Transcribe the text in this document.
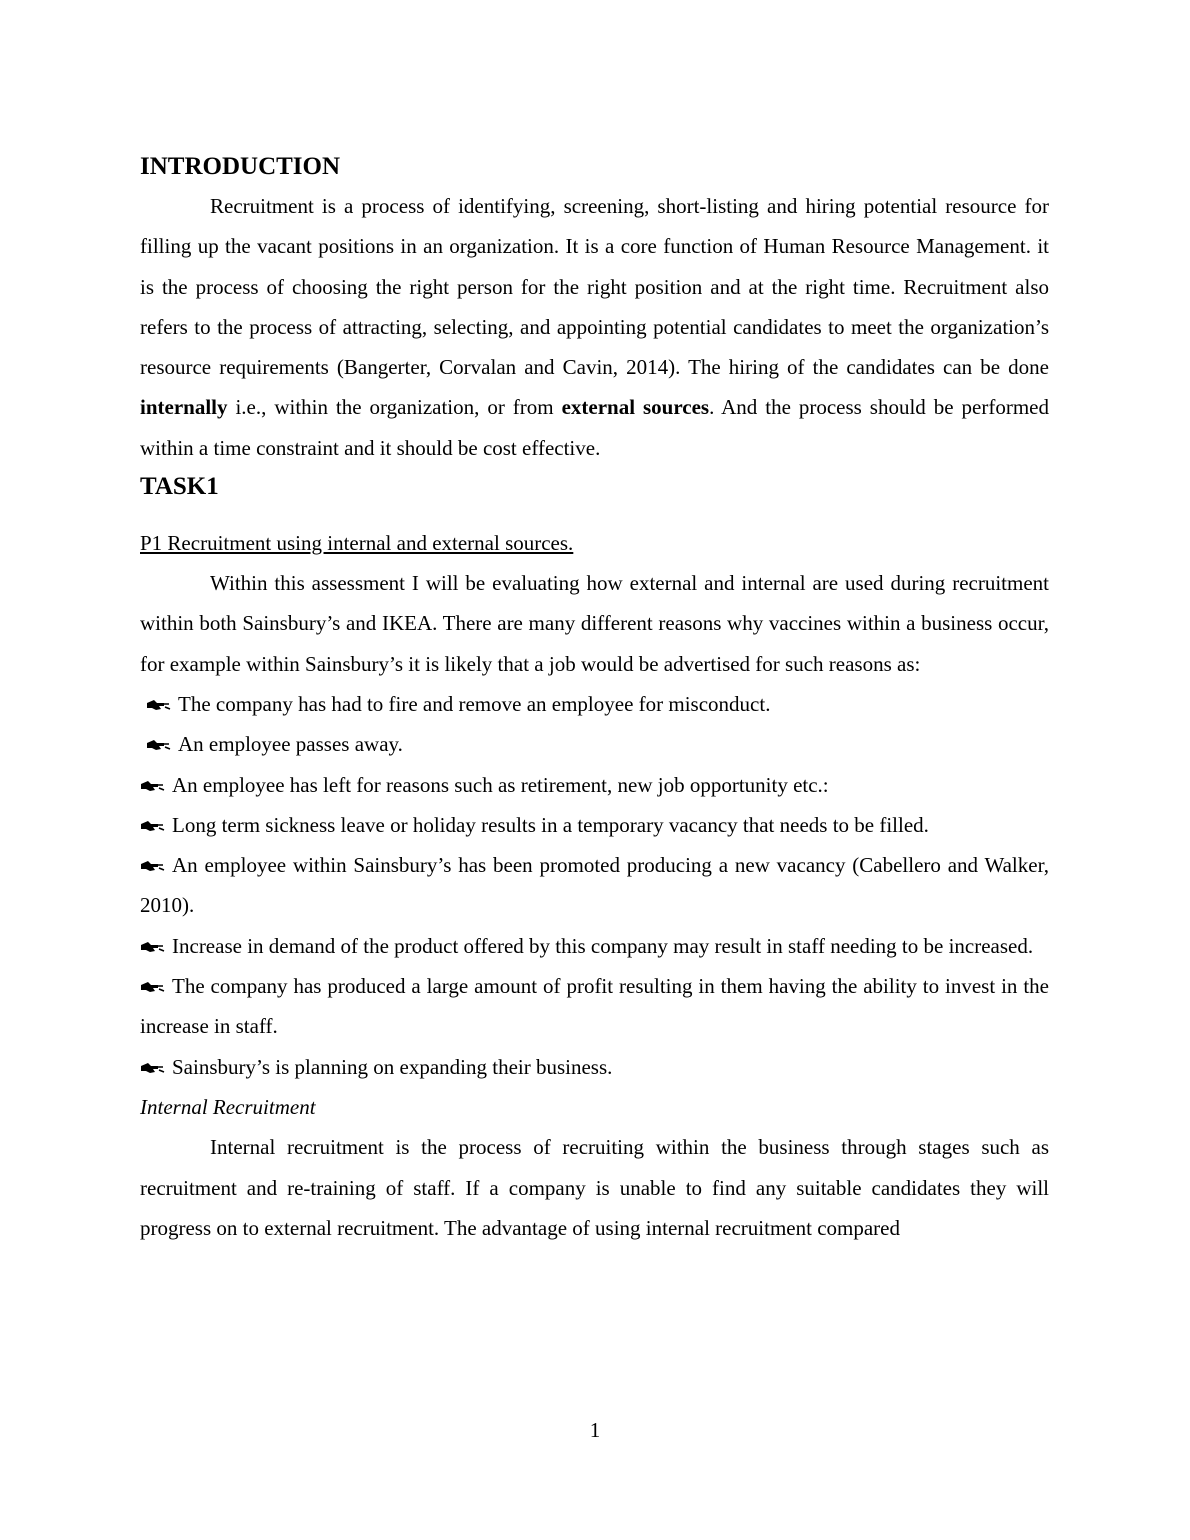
INTRODUCTION

Recruitment is a process of identifying, screening, short-listing and hiring potential resource for filling up the vacant positions in an organization. It is a core function of Human Resource Management. it is the process of choosing the right person for the right position and at the right time. Recruitment also refers to the process of attracting, selecting, and appointing potential candidates to meet the organization’s resource requirements (Bangerter, Corvalan and Cavin, 2014). The hiring of the candidates can be done internally i.e., within the organization, or from external sources. And the process should be performed within a time constraint and it should be cost effective.

TASK1
P1 Recruitment using internal and external sources.

Within this assessment I will be evaluating how external and internal are used during recruitment within both Sainsbury’s and IKEA. There are many different reasons why vaccines within a business occur, for example within Sainsbury’s it is likely that a job would be advertised for such reasons as:

The company has had to fire and remove an employee for misconduct.
An employee passes away.
An employee has left for reasons such as retirement, new job opportunity etc.:
Long term sickness leave or holiday results in a temporary vacancy that needs to be filled.
An employee within Sainsbury’s has been promoted producing a new vacancy (Cabellero and Walker, 2010).
Increase in demand of the product offered by this company may result in staff needing to be increased.
The company has produced a large amount of profit resulting in them having the ability to invest in the increase in staff.
Sainsbury’s is planning on expanding their business.
Internal Recruitment

Internal recruitment is the process of recruiting within the business through stages such as recruitment and re-training of staff. If a company is unable to find any suitable candidates they will progress on to external recruitment. The advantage of using internal recruitment compared

1
